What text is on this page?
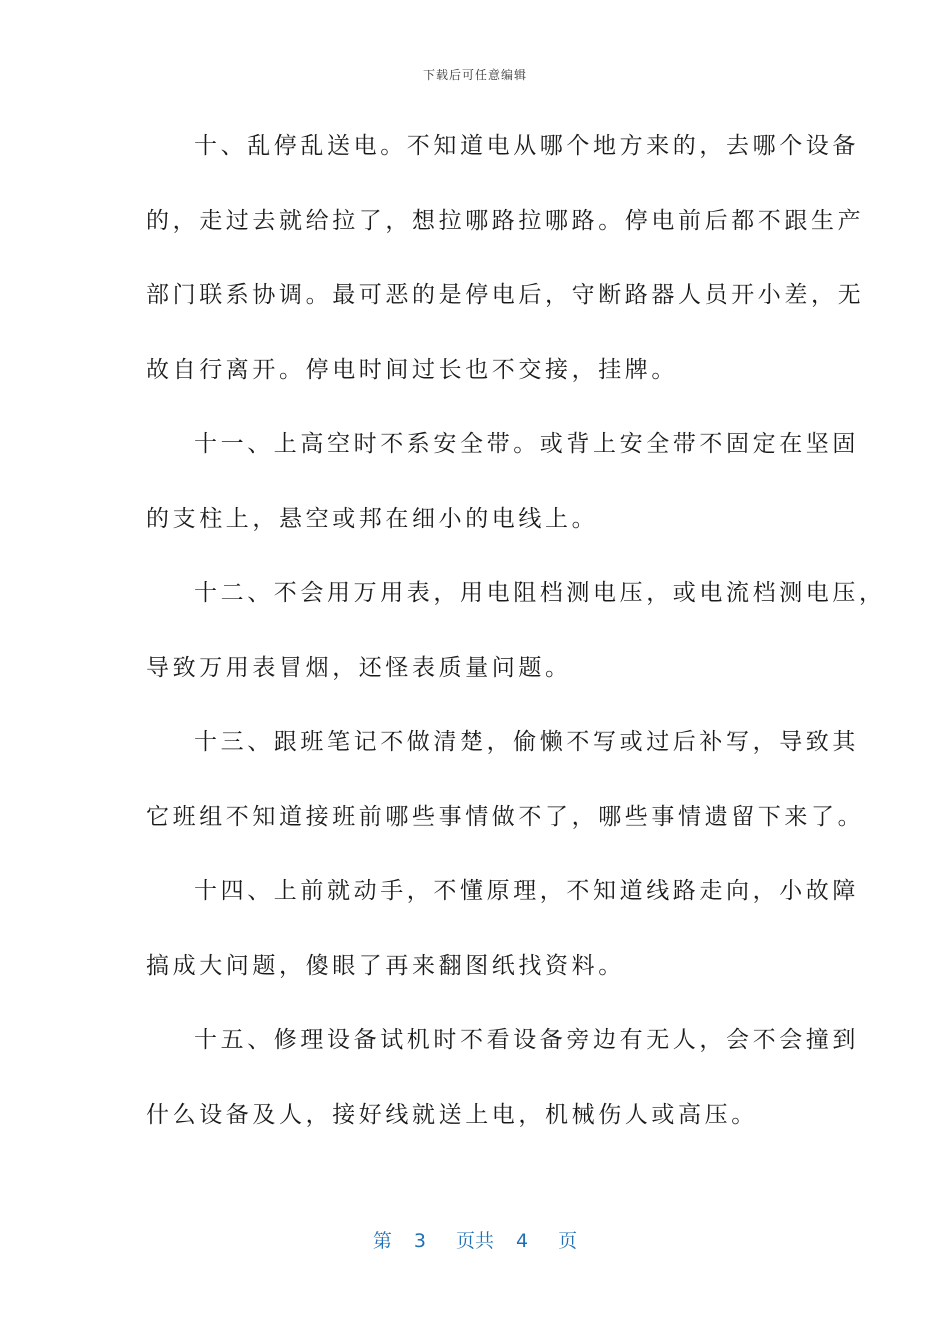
下载后可任意编辑
十、乱停乱送电。不知道电从哪个地方来的，去哪个设备
的，走过去就给拉了，想拉哪路拉哪路。停电前后都不跟生产
部门联系协调。最可恶的是停电后，守断路器人员开小差，无
故自行离开。停电时间过长也不交接，挂牌。
十一、上高空时不系安全带。或背上安全带不固定在坚固
的支柱上，悬空或邦在细小的电线上。
十二、不会用万用表，用电阻档测电压，或电流档测电压，
导致万用表冒烟，还怪表质量问题。
十三、跟班笔记不做清楚，偷懒不写或过后补写，导致其
它班组不知道接班前哪些事情做不了，哪些事情遗留下来了。
十四、上前就动手，不懂原理，不知道线路走向，小故障
搞成大问题，傻眼了再来翻图纸找资料。
十五、修理设备试机时不看设备旁边有无人，会不会撞到
什么设备及人，接好线就送上电，机械伤人或高压。
第 3 页共 4 页
